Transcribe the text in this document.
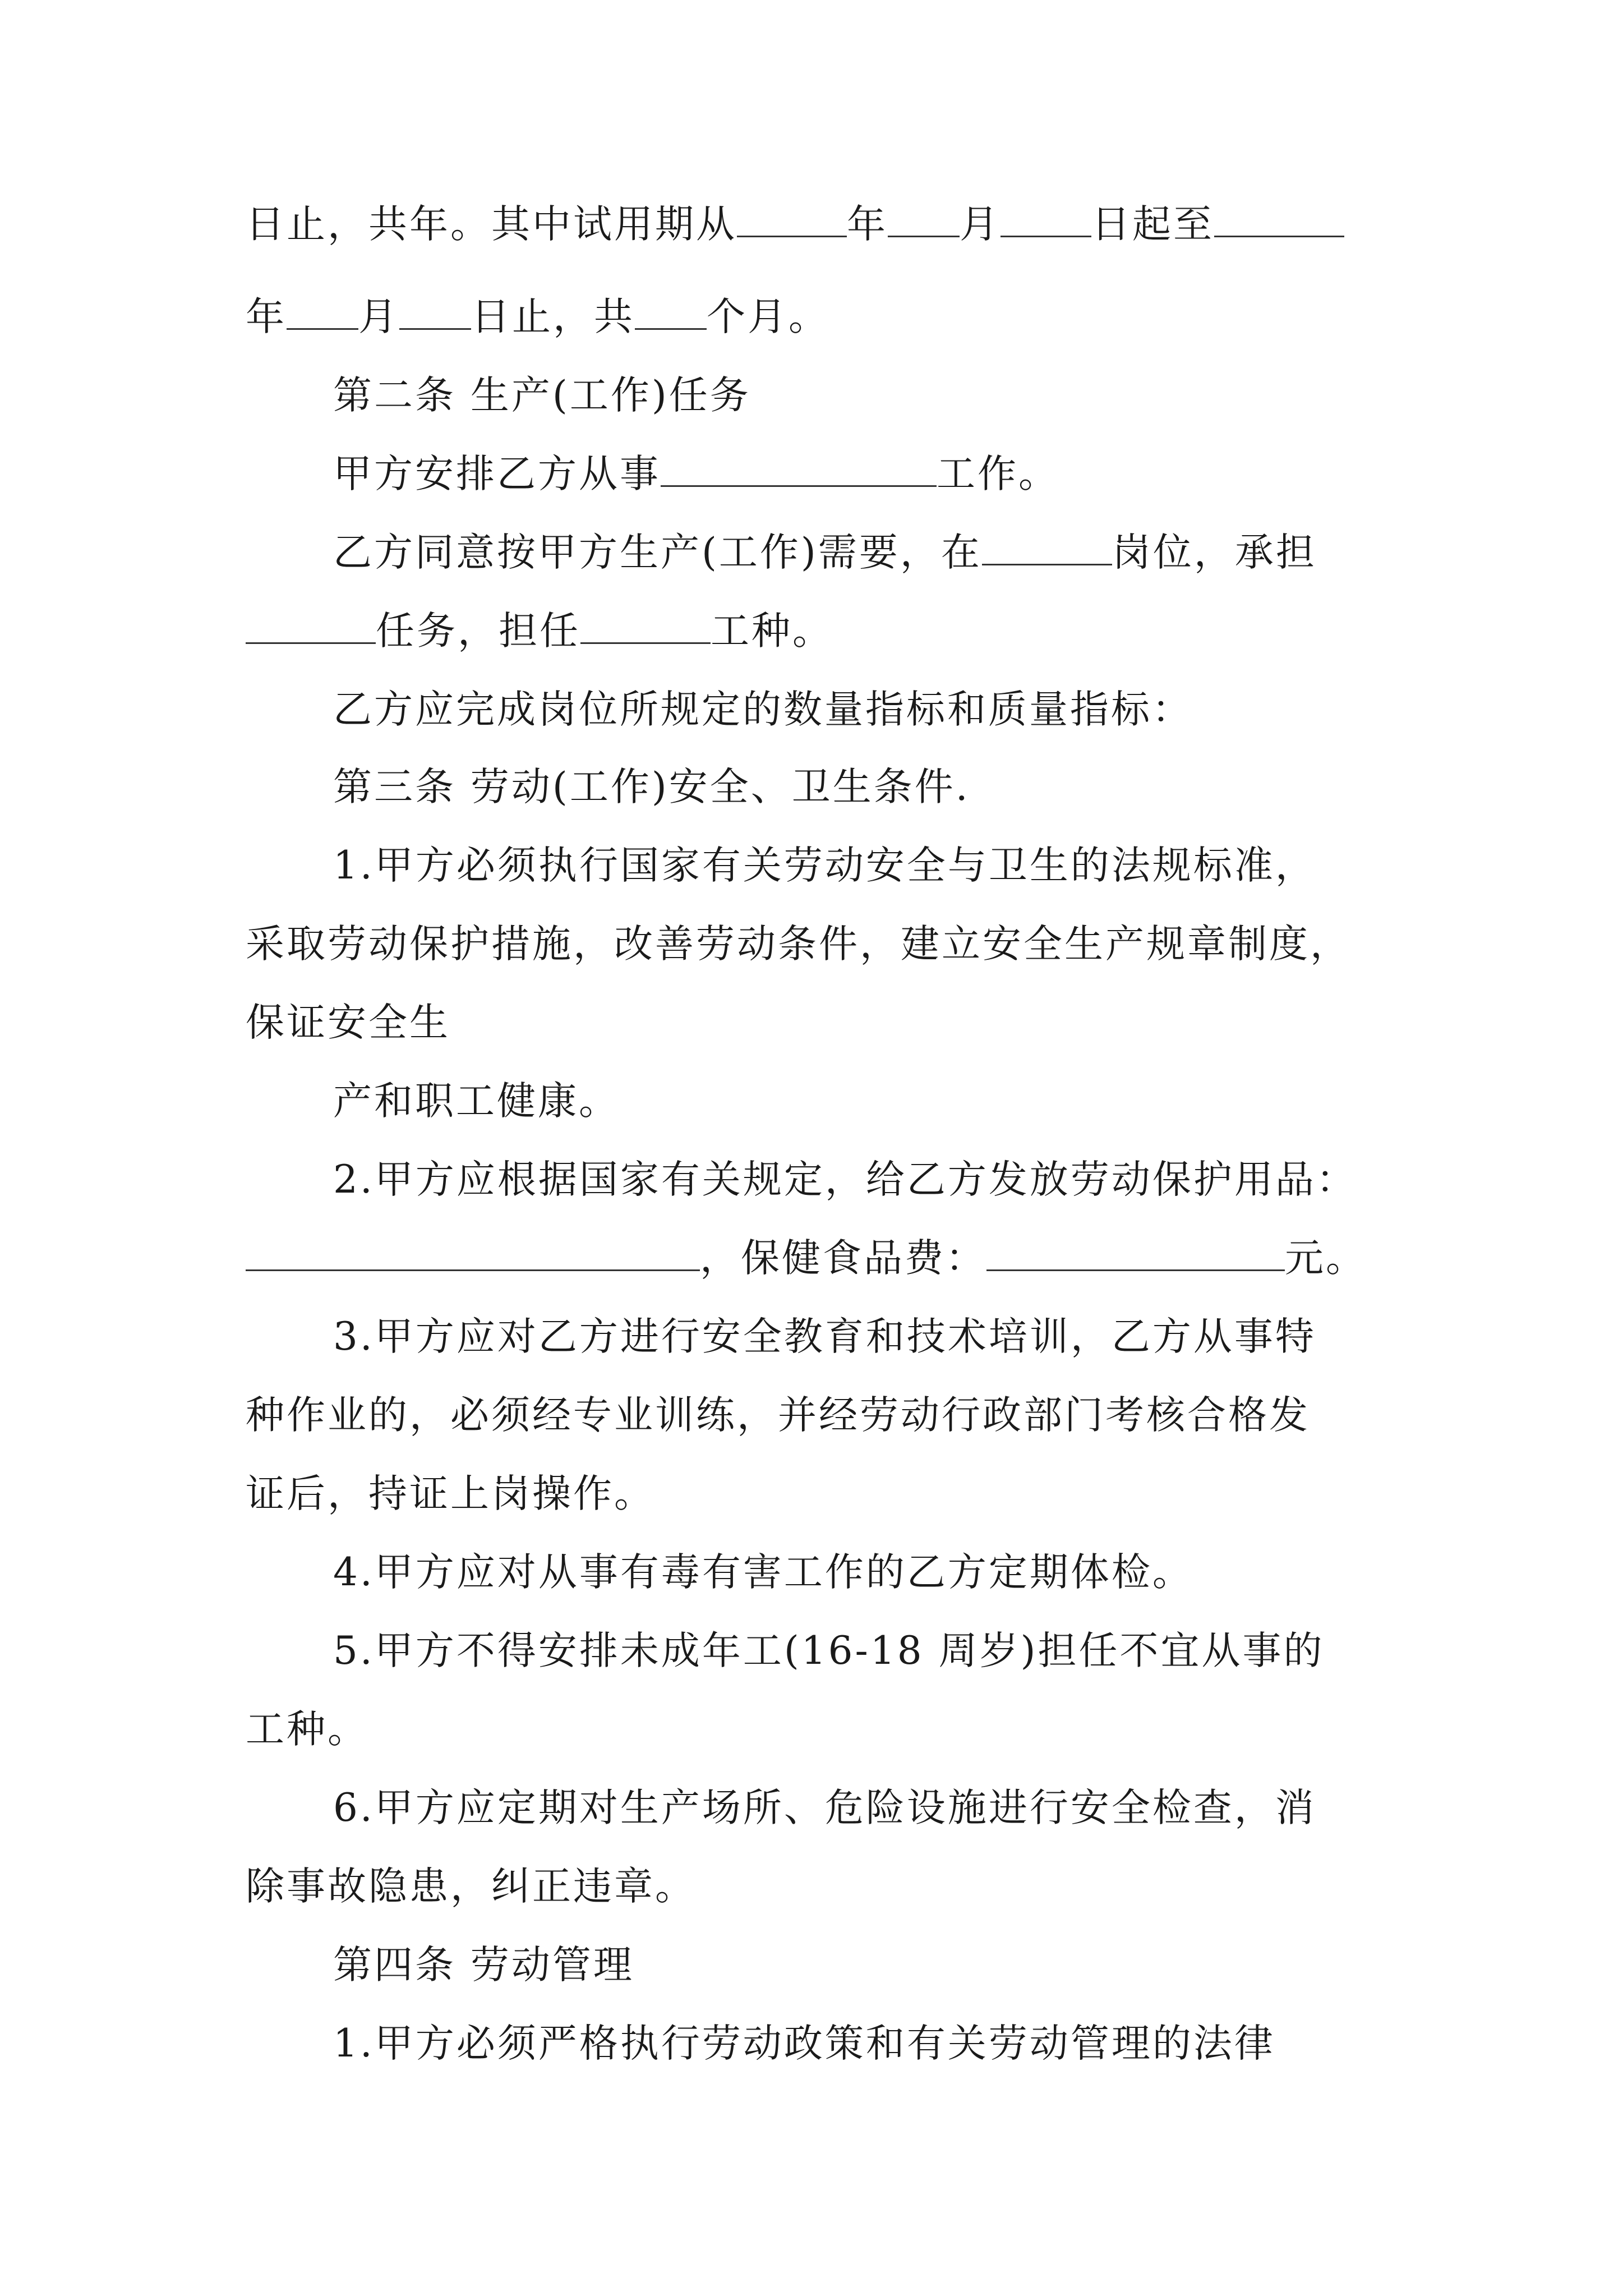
日止，共年。其中试用期从	年 月 日起至
年 月 日止，共 个月。
第二条 生产(工作)任务
甲方安排乙方从事	工作。
乙方同意按甲方生产(工作)需要，在	岗位，承担
任务，担任	工种。
乙方应完成岗位所规定的数量指标和质量指标：
第三条 劳动(工作)安全、卫生条件.
1.甲方必须执行国家有关劳动安全与卫生的法规标准，
采取劳动保护措施，改善劳动条件，建立安全生产规章制度，
保证安全生
产和职工健康。
2.甲方应根据国家有关规定，给乙方发放劳动保护用品：
，保健食品费：	元。
3.甲方应对乙方进行安全教育和技术培训，乙方从事特
种作业的，必须经专业训练，并经劳动行政部门考核合格发
证后，持证上岗操作。
4.甲方应对从事有毒有害工作的乙方定期体检。
5.甲方不得安排未成年工(16-18 周岁)担任不宜从事的
工种。
6.甲方应定期对生产场所、危险设施进行安全检查，消
除事故隐患，纠正违章。
第四条 劳动管理
1.甲方必须严格执行劳动政策和有关劳动管理的法律
